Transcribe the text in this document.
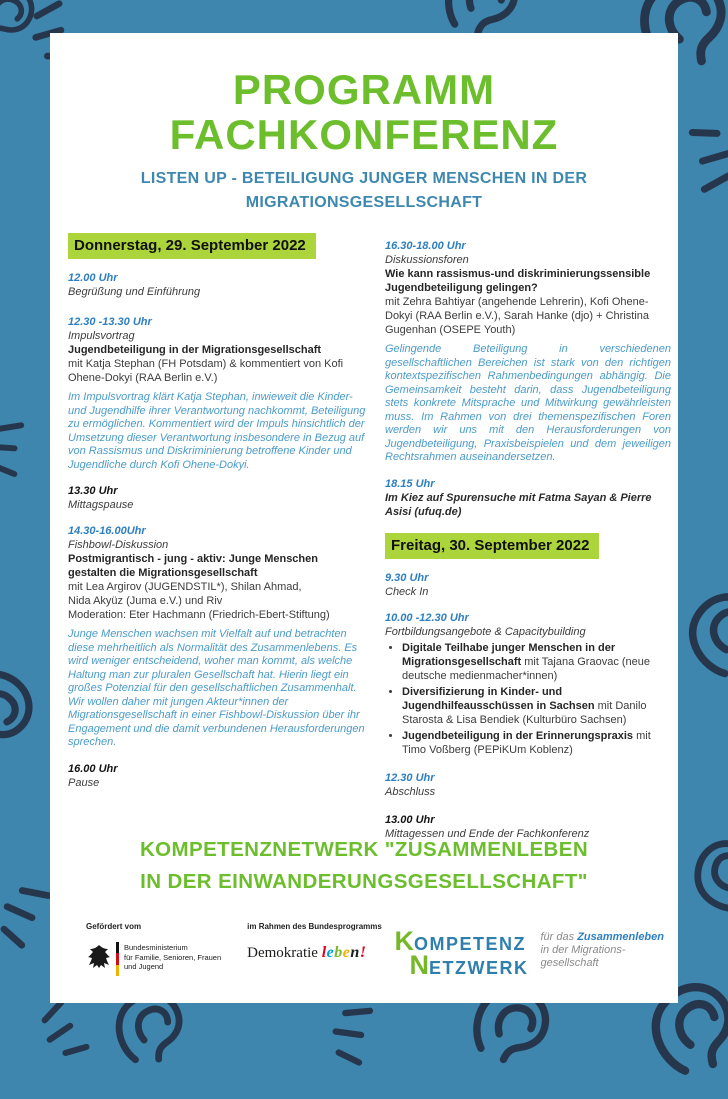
PROGRAMM
FACHKONFERENZ
LISTEN UP - BETEILIGUNG JUNGER MENSCHEN IN DER
MIGRATIONSGESELLSCHAFT
Donnerstag, 29. September 2022
12.00 Uhr
Begrüßung und Einführung
12.30 -13.30 Uhr
Impulsvortrag
Jugendbeteiligung in der Migrationsgesellschaft
mit Katja Stephan (FH Potsdam) & kommentiert von Kofi Ohene-Dokyi (RAA Berlin e.V.)

Im Impulsvortrag klärt Katja Stephan, inwieweit die Kinder- und Jugendhilfe ihrer Verantwortung nachkommt, Beteiligung zu ermöglichen. Kommentiert wird der Impuls hinsichtlich der Umsetzung dieser Verantwortung insbesondere in Bezug auf von Rassismus und Diskriminierung betroffene Kinder und Jugendliche durch Kofi Ohene-Dokyi.

13.30 Uhr
Mittagspause
14.30-16.00Uhr
Fishbowl-Diskussion
Postmigrantisch - jung - aktiv: Junge Menschen gestalten die Migrationsgesellschaft
mit Lea Argirov (JUGENDSTIL*), Shilan Ahmad,
Nida Akyüz (Juma e.V.) und Riv
Moderation: Eter Hachmann (Friedrich-Ebert-Stiftung)

Junge Menschen wachsen mit Vielfalt auf und betrachten diese mehrheitlich als Normalität des Zusammenlebens. Es wird weniger entscheidend, woher man kommt, als welche Haltung man zur pluralen Gesellschaft hat. Hierin liegt ein großes Potenzial für den gesellschaftlichen Zusammenhalt. Wir wollen daher mit jungen Akteur*innen der Migrationsgesellschaft in einer Fishbowl-Diskussion über ihr Engagement und die damit verbundenen Herausforderungen sprechen.

16.00 Uhr
Pause
16.30-18.00 Uhr
Diskussionsforen
Wie kann rassismus-und diskriminierungssensible Jugendbeteiligung gelingen?
mit Zehra Bahtiyar (angehende Lehrerin), Kofi Ohene-Dokyi (RAA Berlin e.V.), Sarah Hanke (djo) + Christina Gugenhan (OSEPE Youth)

Gelingende Beteiligung in verschiedenen gesellschaftlichen Bereichen ist stark von den richtigen kontextspezifischen Rahmenbedingungen abhängig. Die Gemeinsamkeit besteht darin, dass Jugendbeteiligung stets konkrete Mitsprache und Mitwirkung gewährleisten muss. Im Rahmen von drei themenspezifischen Foren werden wir uns mit den Herausforderungen von Jugendbeteiligung, Praxisbeispielen und dem jeweiligen Rechtsrahmen auseinandersetzen.

18.15 Uhr
Im Kiez auf Spurensuche mit Fatma Sayan & Pierre Asisi (ufuq.de)
Freitag, 30. September 2022
9.30 Uhr
Check In
10.00 -12.30 Uhr
Fortbildungsangebote & Capacitybuilding
• Digitale Teilhabe junger Menschen in der Migrationsgesellschaft mit Tajana Graovac (neue deutsche medienmacher*innen)
• Diversifizierung in Kinder- und Jugendhilfeausschüssen in Sachsen mit Danilo Starosta & Lisa Bendiek (Kulturbüro Sachsen)
• Jugendbeteiligung in der Erinnerungspraxis mit Timo Voßberg (PEPiKUm Koblenz)
12.30 Uhr
Abschluss
13.00 Uhr
Mittagessen und Ende der Fachkonferenz
KOMPETENZNETWERK "ZUSAMMENLEBEN
IN DER EINWANDERUNGSGESELLSCHAFT"
Gefördert vom
Bundesministerium
für Familie, Senioren, Frauen
und Jugend
im Rahmen des Bundesprogramms
Demokratie leben!	KOMPETENZ
NETZWERK
für das Zusammenleben
in der Migrations-
gesellschaft
